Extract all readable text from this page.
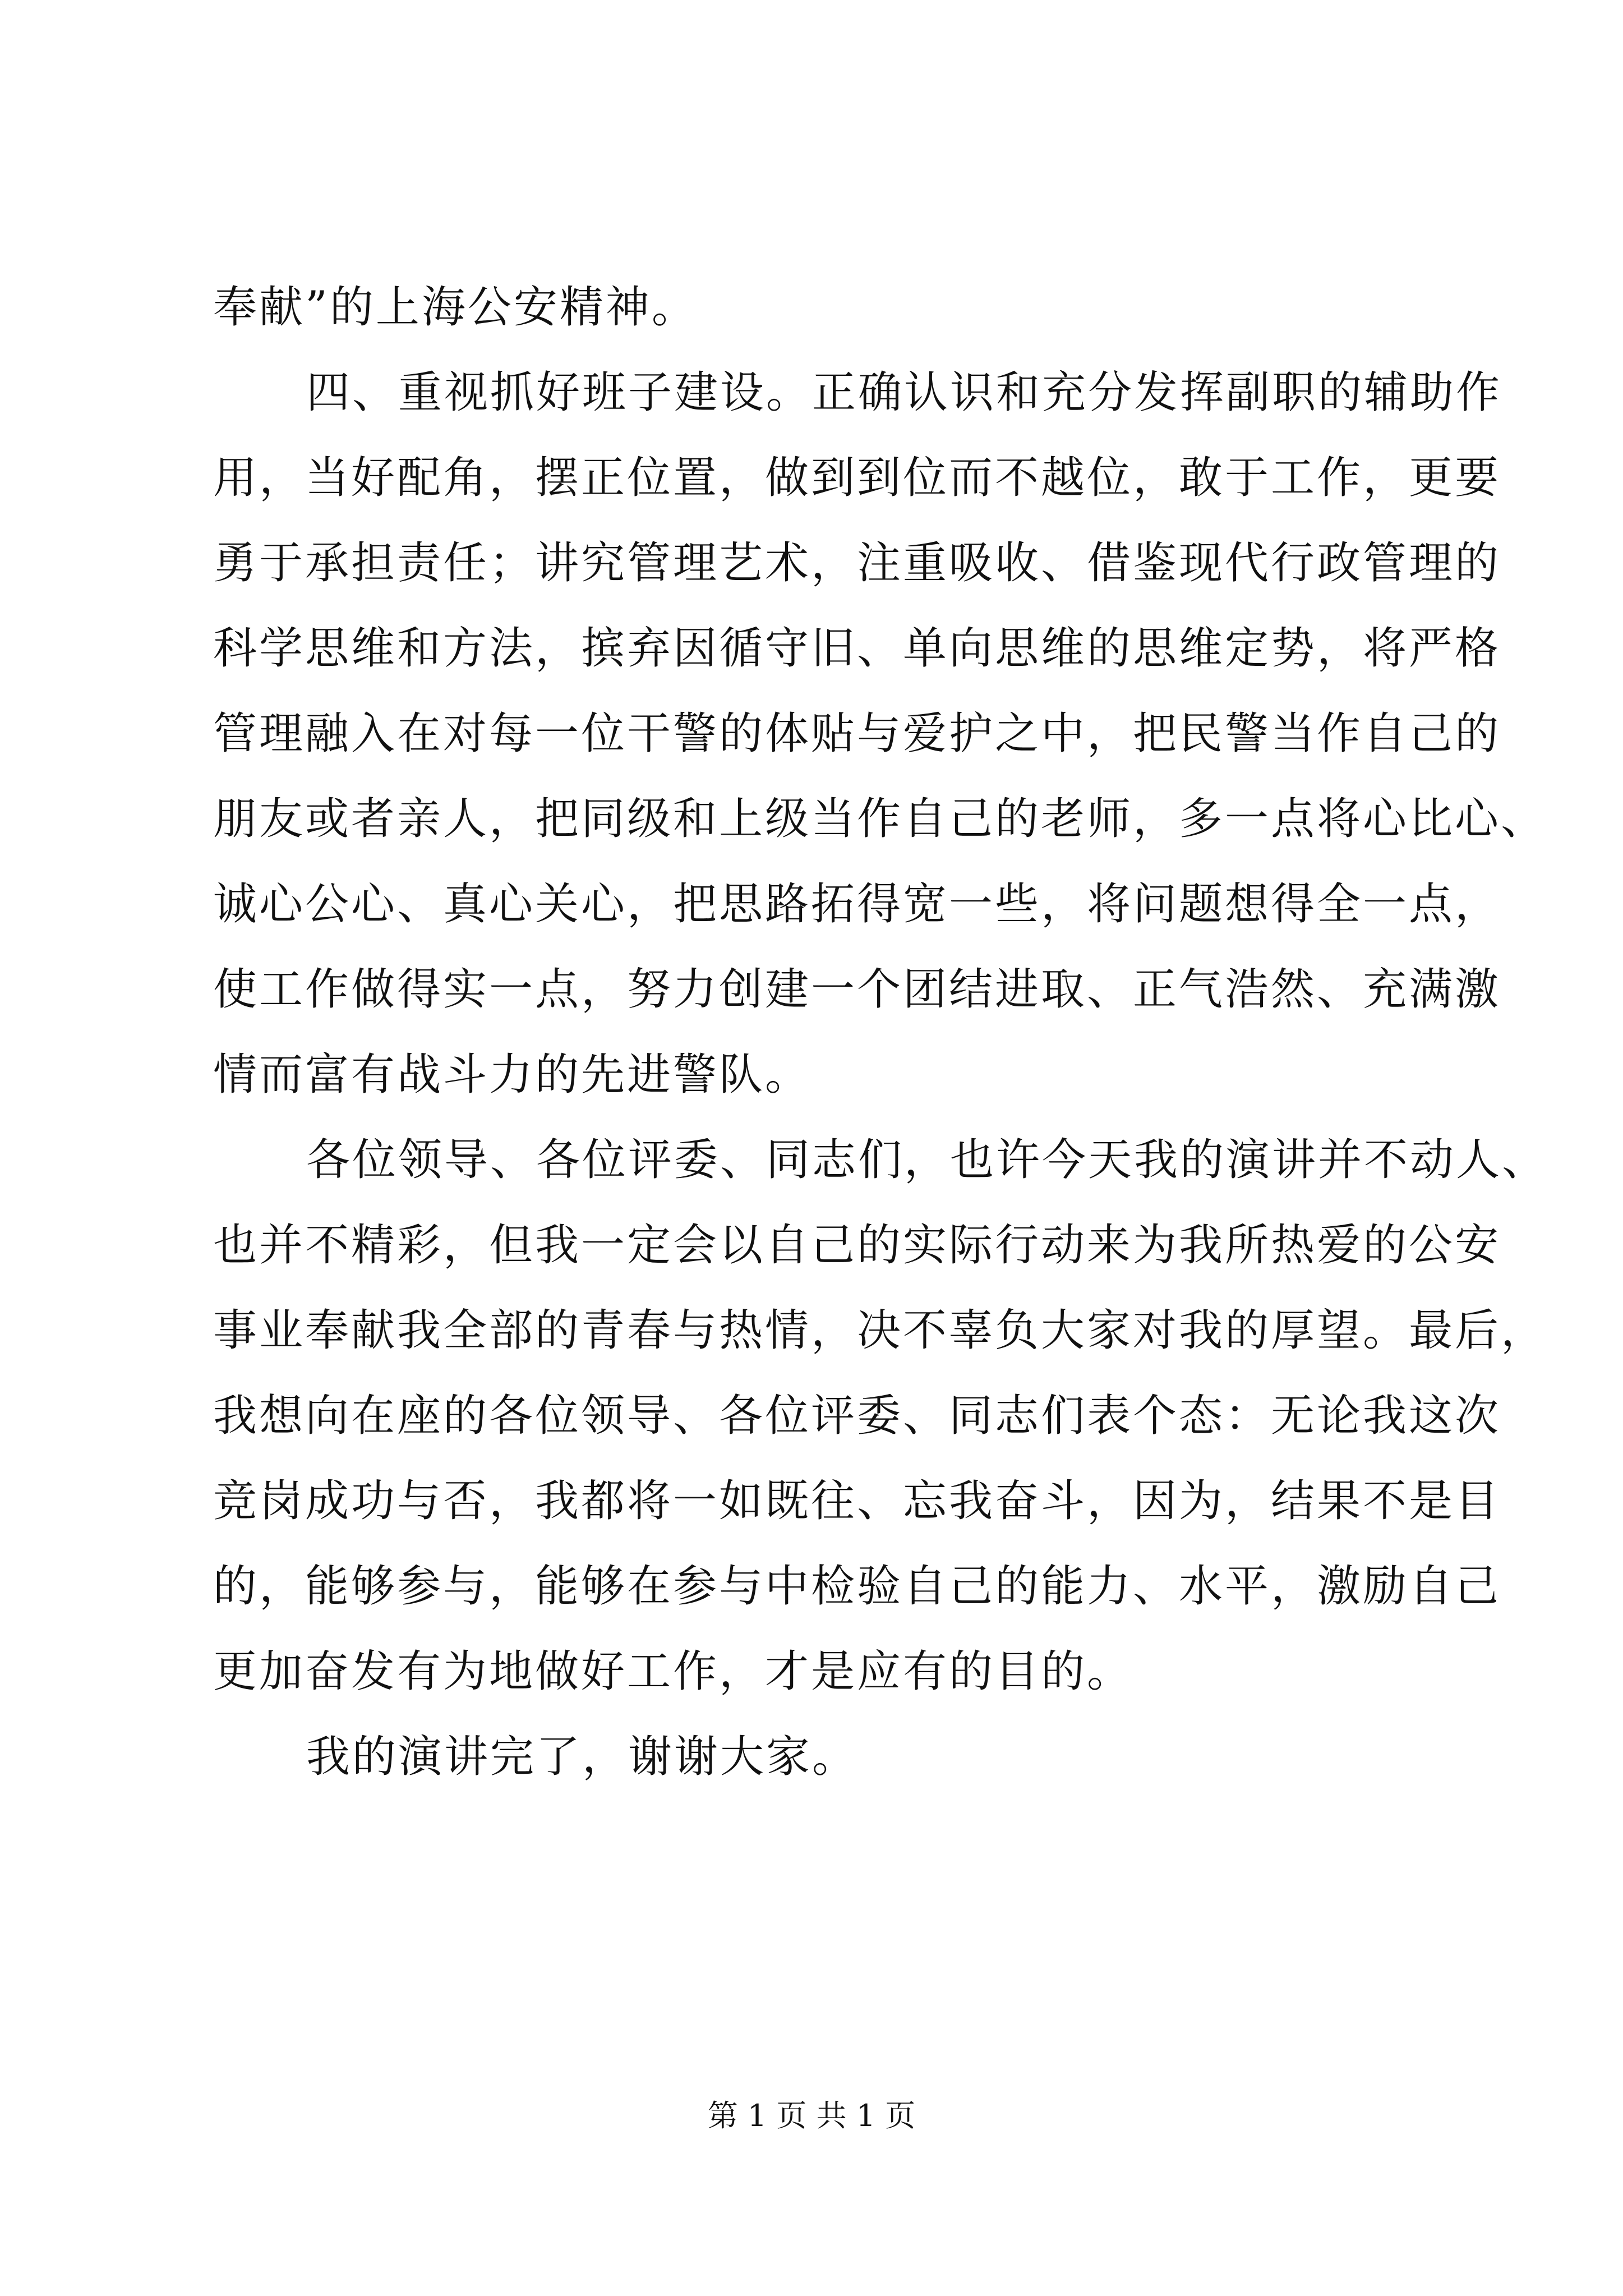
奉献”的上海公安精神。
四、重视抓好班子建设。正确认识和充分发挥副职的辅助作
用，当好配角，摆正位置，做到到位而不越位，敢于工作，更要
勇于承担责任；讲究管理艺术，注重吸收、借鉴现代行政管理的
科学思维和方法，摈弃因循守旧、单向思维的思维定势，将严格
管理融入在对每一位干警的体贴与爱护之中，把民警当作自己的
朋友或者亲人，把同级和上级当作自己的老师，多一点将心比心、
诚心公心、真心关心，把思路拓得宽一些，将问题想得全一点，
使工作做得实一点，努力创建一个团结进取、正气浩然、充满激
情而富有战斗力的先进警队。
各位领导、各位评委、同志们，也许今天我的演讲并不动人、
也并不精彩，但我一定会以自己的实际行动来为我所热爱的公安
事业奉献我全部的青春与热情，决不辜负大家对我的厚望。最后，
我想向在座的各位领导、各位评委、同志们表个态：无论我这次
竞岗成功与否，我都将一如既往、忘我奋斗，因为，结果不是目
的，能够参与，能够在参与中检验自己的能力、水平，激励自己
更加奋发有为地做好工作，才是应有的目的。
我的演讲完了，谢谢大家。
第 1 页 共 1 页
